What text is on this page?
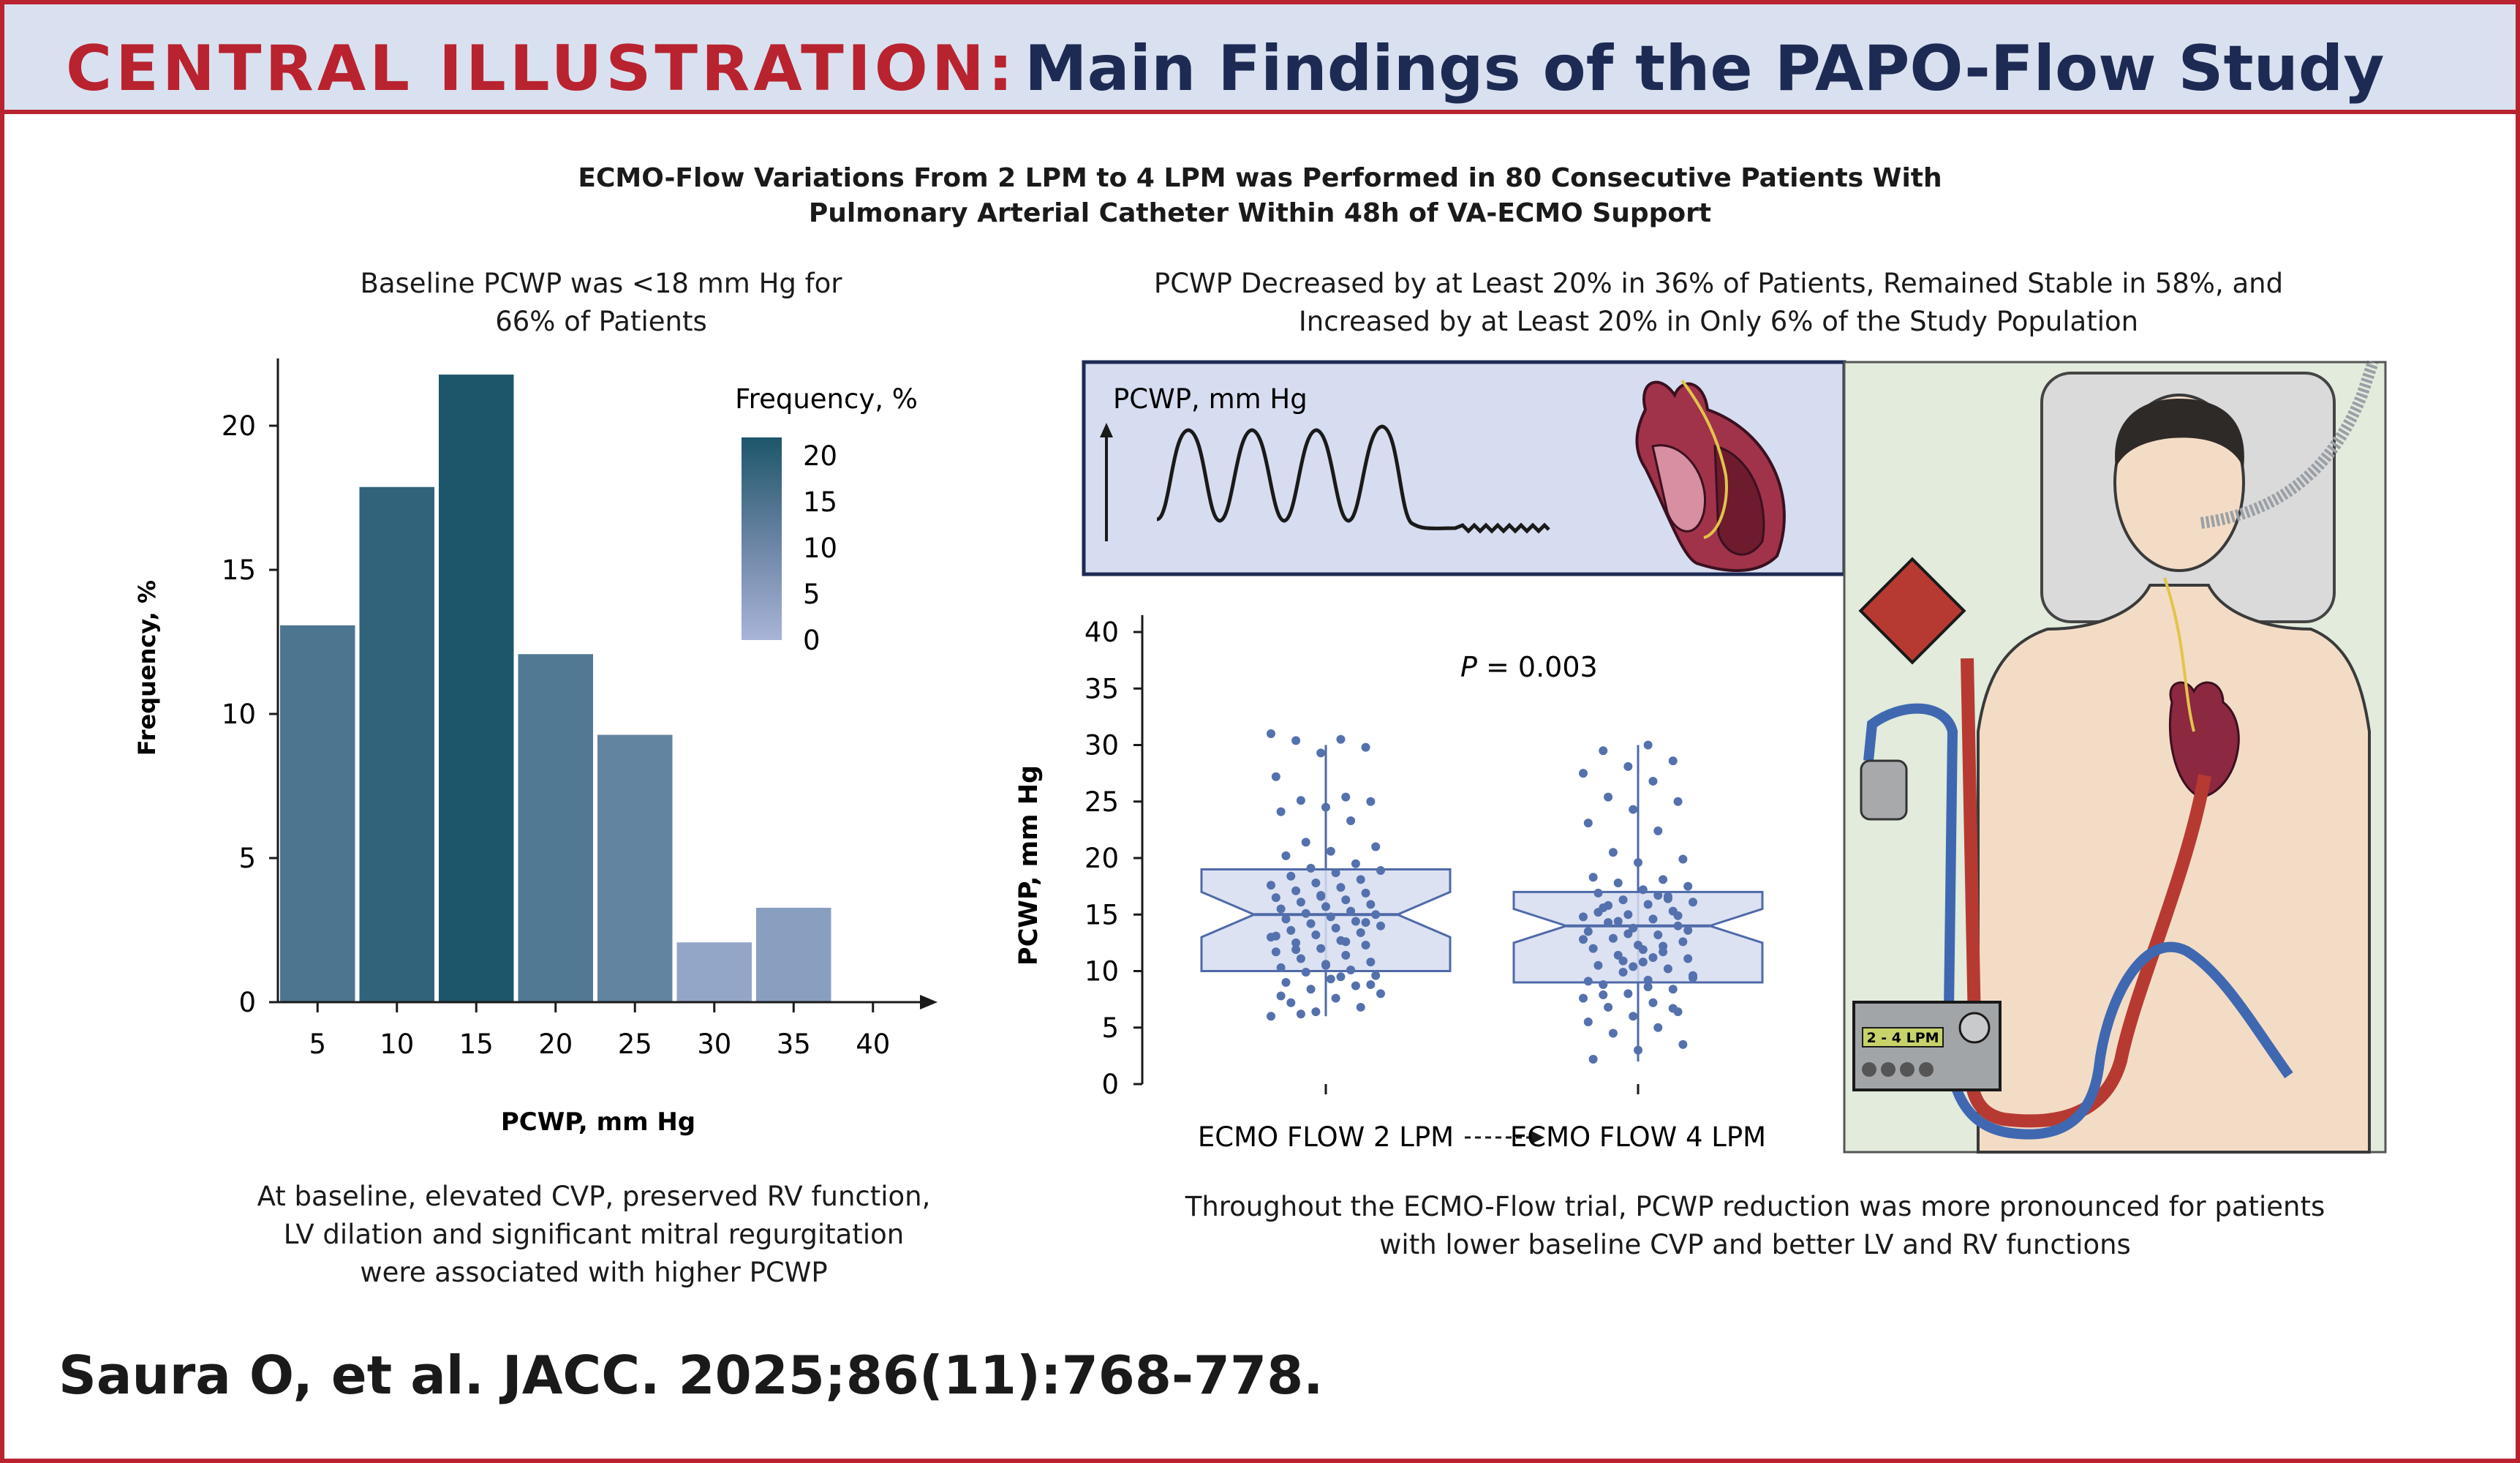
CENTRAL ILLUSTRATION: Main Findings of the PAPO-Flow Study
ECMO-Flow Variations From 2 LPM to 4 LPM was Performed in 80 Consecutive Patients With
Pulmonary Arterial Catheter Within 48h of VA-ECMO Support
Baseline PCWP was <18 mm Hg for
66% of Patients
PCWP Decreased by at Least 20% in 36% of Patients, Remained Stable in 58%, and
Increased by at Least 20% in Only 6% of the Study Population
At baseline, elevated CVP, preserved RV function,
LV dilation and significant mitral regurgitation
were associated with higher PCWP
Throughout the ECMO-Flow trial, PCWP reduction was more pronounced for patients
with lower baseline CVP and better LV and RV functions
Saura O, et al. JACC. 2025;86(11):768-778.
0
5
10
15
20
5 10 15 20 25 30 35 40
Frequency, %
PCWP, mm Hg
Frequency, %
0
5
10
15
20
PCWP, mm Hg
0
5
10
15
20
25
30
35
40
PCWP, mm Hg
P = 0.003
ECMO FLOW 2 LPM ECMO FLOW 4 LPM
2 - 4 LPM
